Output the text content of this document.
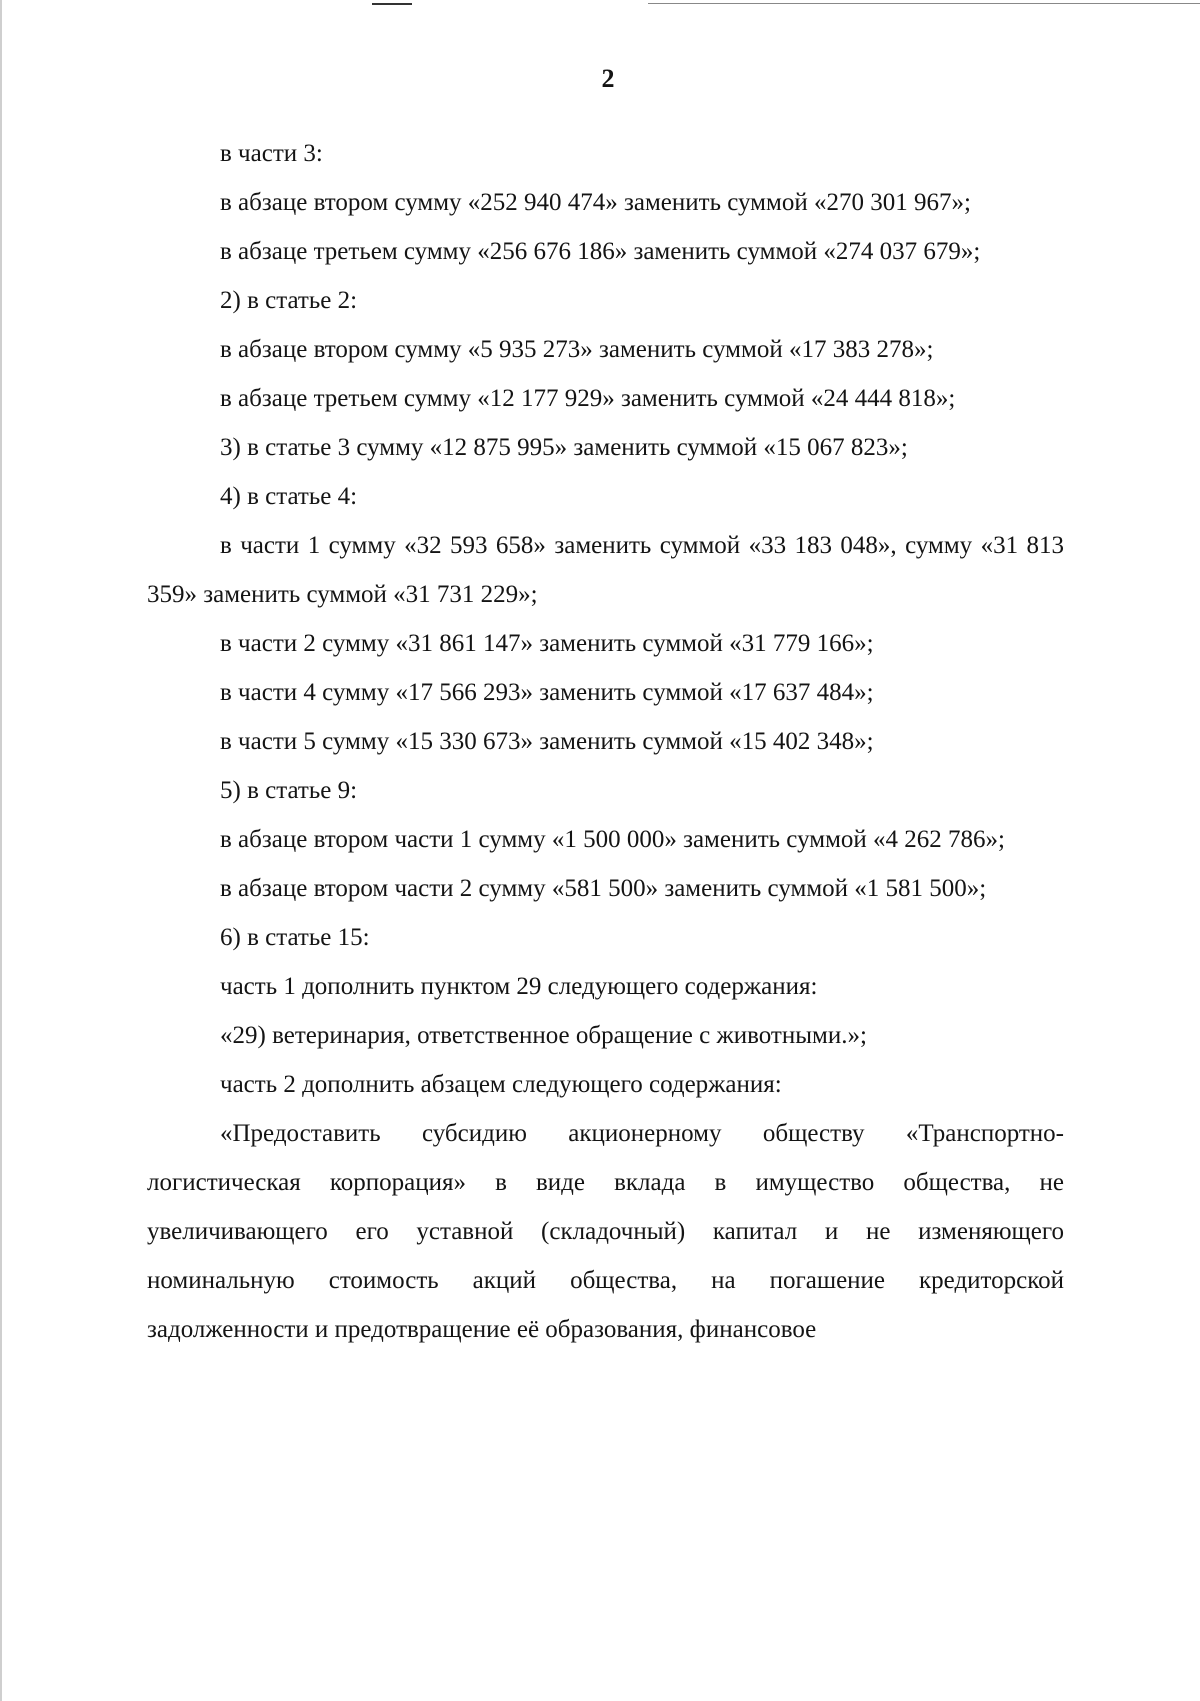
2

в части 3:

в абзаце втором сумму «252 940 474» заменить суммой «270 301 967»;

в абзаце третьем сумму «256 676 186» заменить суммой «274 037 679»;

2) в статье 2:

в абзаце втором сумму «5 935 273» заменить суммой «17 383 278»;

в абзаце третьем сумму «12 177 929» заменить суммой «24 444 818»;

3) в статье 3 сумму «12 875 995» заменить суммой «15 067 823»;

4) в статье 4:

в части 1 сумму «32 593 658» заменить суммой «33 183 048», сумму «31 813 359» заменить суммой «31 731 229»;

в части 2 сумму «31 861 147» заменить суммой «31 779 166»;

в части 4 сумму «17 566 293» заменить суммой «17 637 484»;

в части 5 сумму «15 330 673» заменить суммой «15 402 348»;

5) в статье 9:

в абзаце втором части 1 сумму «1 500 000» заменить суммой «4 262 786»;

в абзаце втором части 2 сумму «581 500» заменить суммой «1 581 500»;

6) в статье 15:

часть 1 дополнить пунктом 29 следующего содержания:

«29) ветеринария, ответственное обращение с животными.»;

часть 2 дополнить абзацем следующего содержания:

«Предоставить субсидию акционерному обществу «Транспортно-логистическая корпорация» в виде вклада в имущество общества, не увеличивающего его уставной (складочный) капитал и не изменяющего номинальную стоимость акций общества, на погашение кредиторской задолженности и предотвращение её образования, финансовое
